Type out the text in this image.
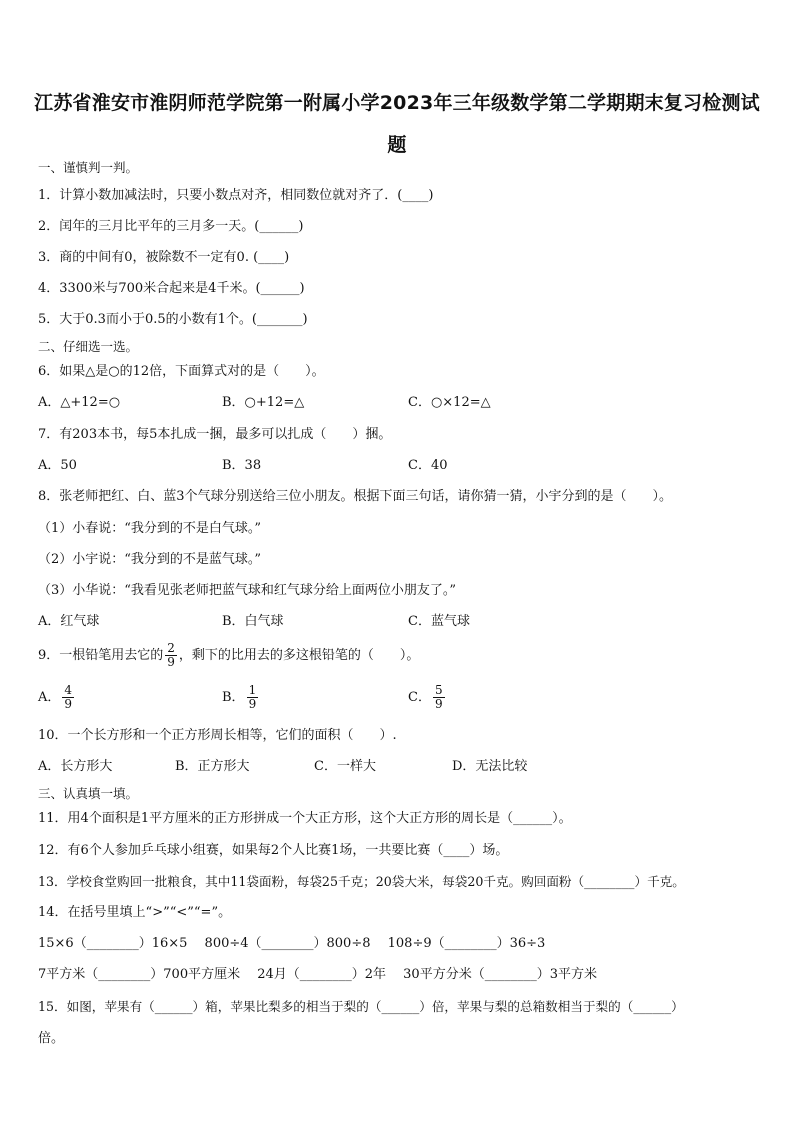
江苏省淮安市淮阴师范学院第一附属小学2023年三年级数学第二学期期末复习检测试
题
一、谨慎判一判。
1．计算小数加减法时，只要小数点对齐，相同数位就对齐了．(____)
2．闰年的三月比平年的三月多一天。(______)
3．商的中间有0，被除数不一定有0. (____)
4．3300米与700米合起来是4千米。(______)
5．大于0.3而小于0.5的小数有1个。(_______)
二、仔细选一选。
6．如果△是○的12倍，下面算式对的是（　　）。
A．△+12=○	B．○+12=△	C．○×12=△
7．有203本书，每5本扎成一捆，最多可以扎成（　　）捆。
A．50	B．38	C．40
8．张老师把红、白、蓝3个气球分别送给三位小朋友。根据下面三句话，请你猜一猜，小宇分到的是（　　）。
（1）小春说：“我分到的不是白气球。”
（2）小宇说：“我分到的不是蓝气球。”
（3）小华说：“我看见张老师把蓝气球和红气球分给上面两位小朋友了。”
A．红气球	B．白气球	C．蓝气球
9．一根铅笔用去它的 $\frac{2}{9}$ ，剩下的比用去的多这根铅笔的（　　）。
A． $\frac{4}{9}$	B． $\frac{1}{9}$	C． $\frac{5}{9}$
10．一个长方形和一个正方形周长相等，它们的面积（　　）.
A．长方形大	B．正方形大	C．一样大	D．无法比较
三、认真填一填。
11．用4个面积是1平方厘米的正方形拼成一个大正方形，这个大正方形的周长是（______）。
12．有6个人参加乒乓球小组赛，如果每2个人比赛1场，一共要比赛（____）场。
13．学校食堂购回一批粮食，其中11袋面粉，每袋25千克；20袋大米，每袋20千克。购回面粉（________）千克。
14．在括号里填上“>”“<”“=”。
15×6（________）16×5　 800÷4（________）800÷8　 108÷9（________）36÷3
7平方米（________）700平方厘米　 24月（________）2年　 30平方分米（________）3平方米
15．如图，苹果有（______）箱，苹果比梨多的相当于梨的（______）倍，苹果与梨的总箱数相当于梨的（______）
倍。
